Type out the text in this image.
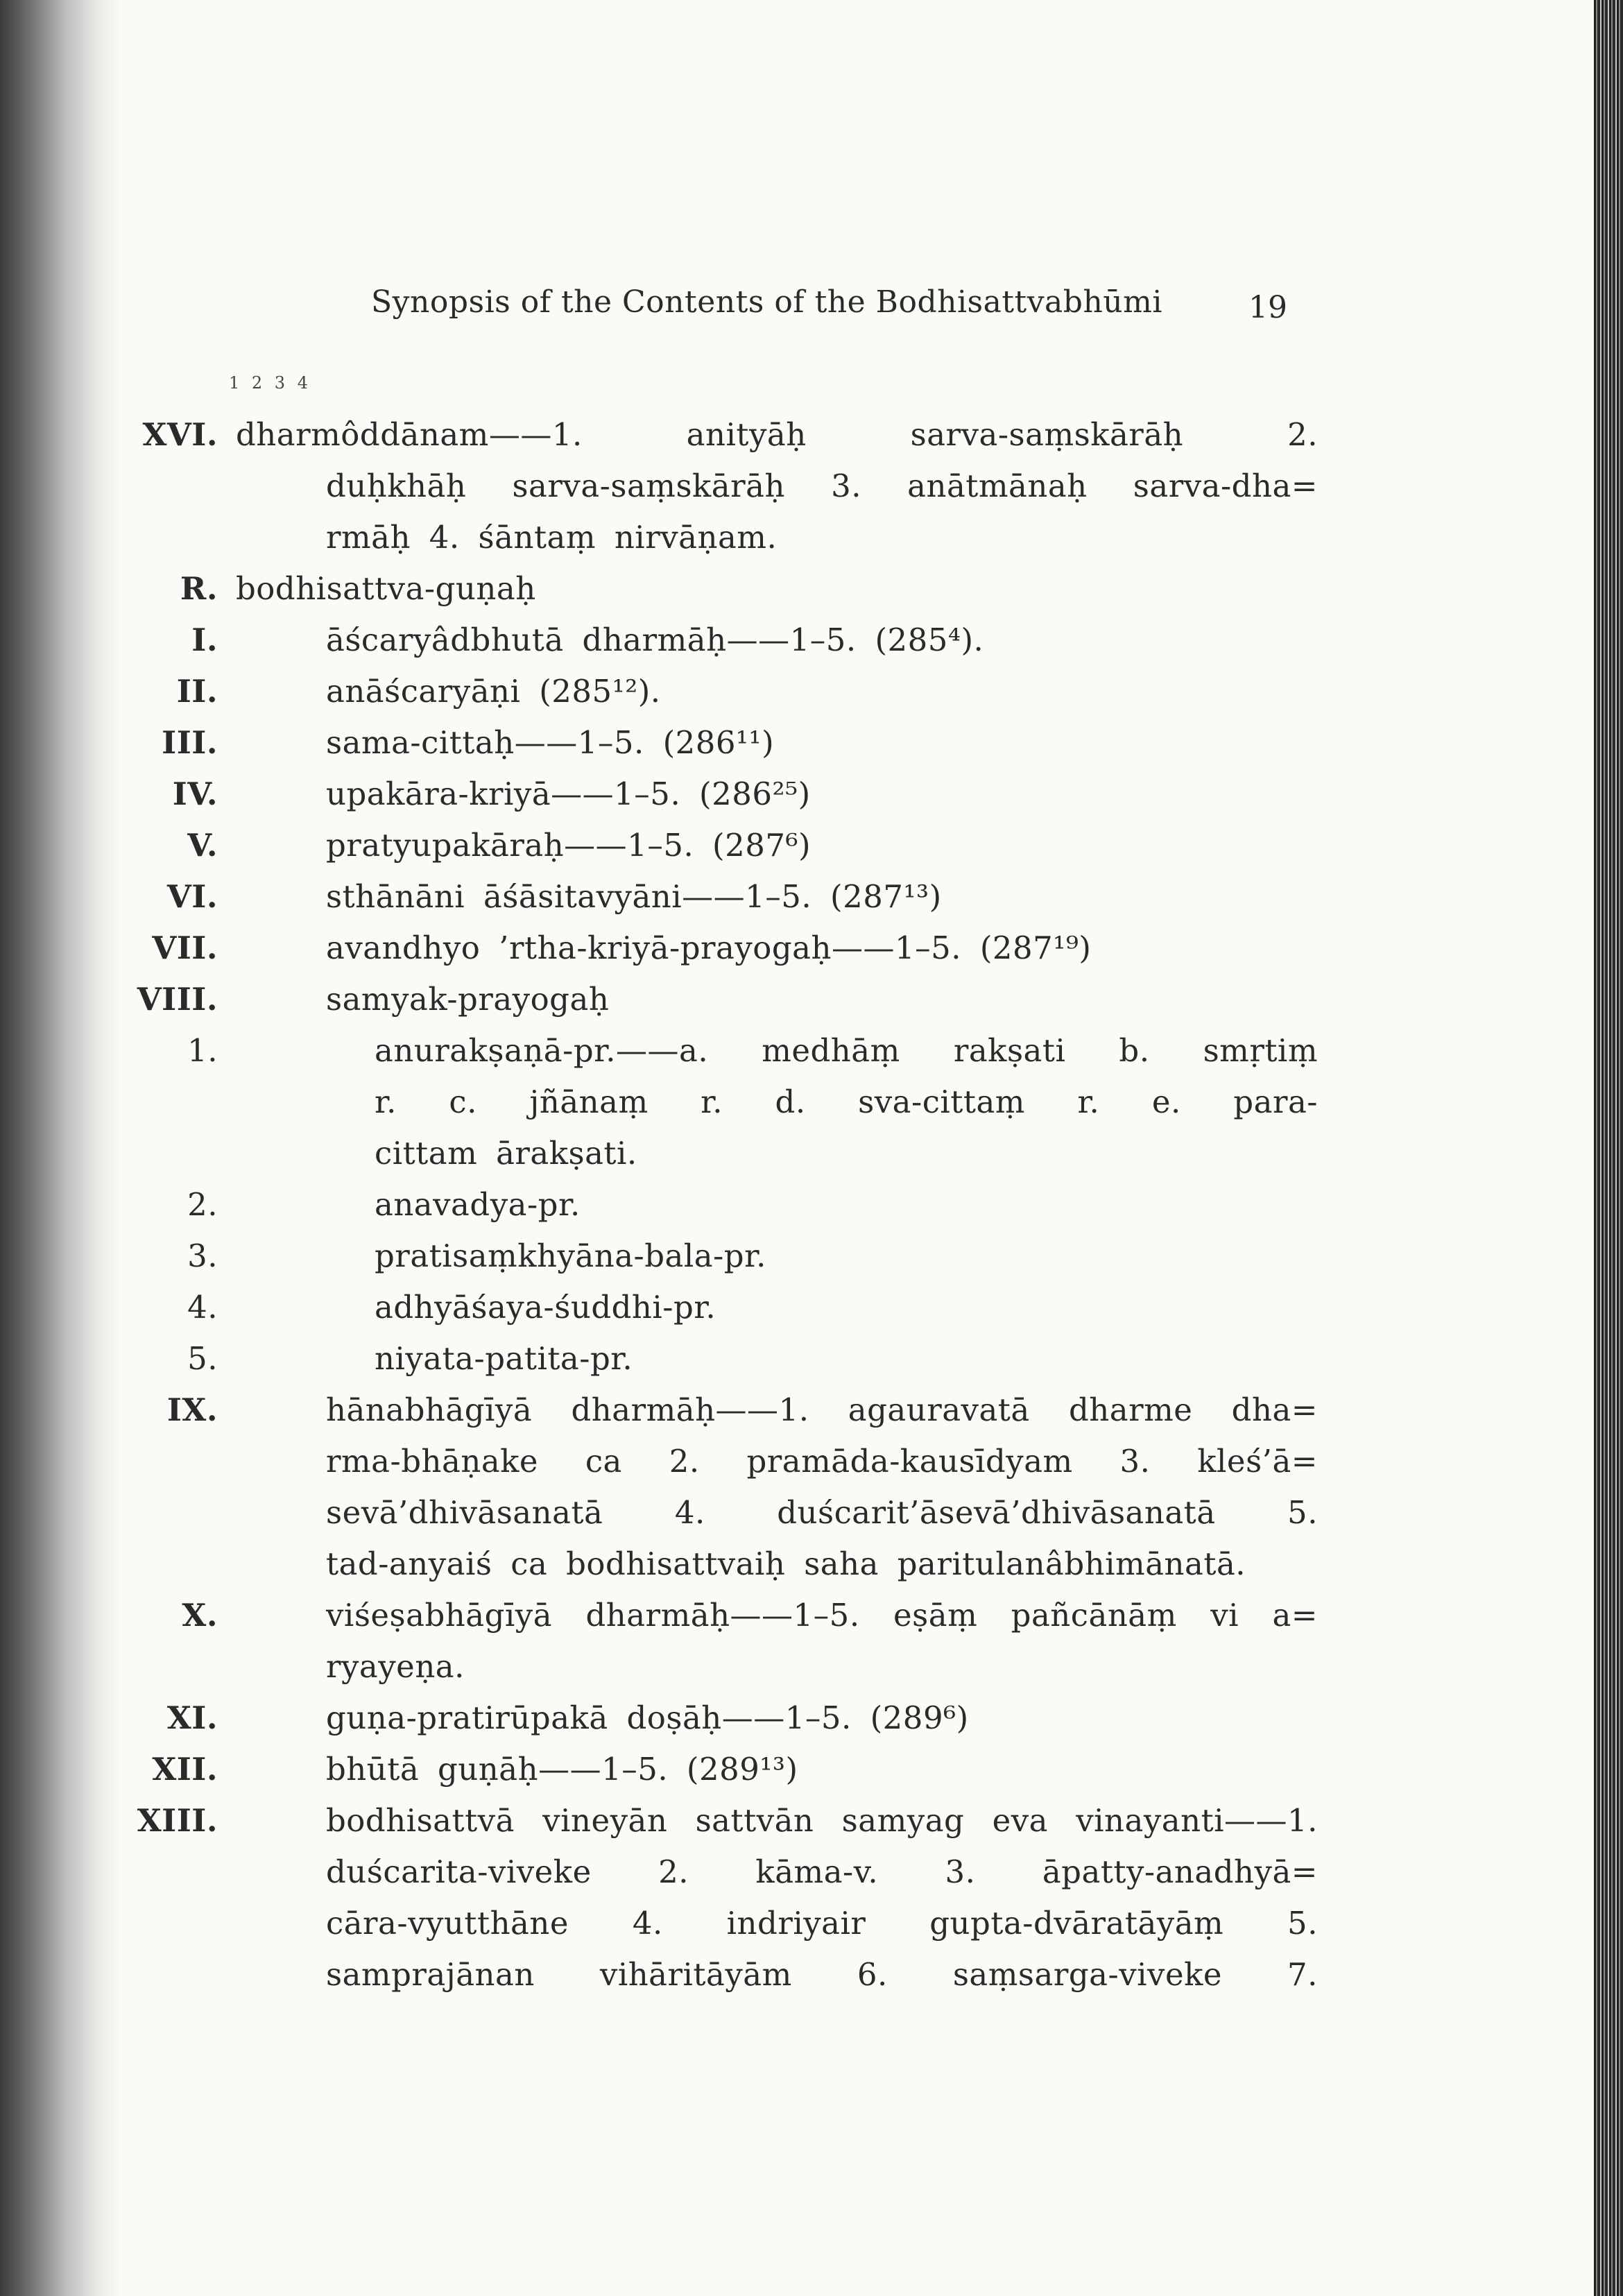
Synopsis of the Contents of the Bodhisattvabhūmi	19
1 2 3 4
XVI. dharmôddānam——1. anityāḥ sarva-saṃskārāḥ 2.
duḥkhāḥ sarva-saṃskārāḥ 3. anātmānaḥ sarva-dha=
rmāḥ 4. śāntaṃ nirvāṇam.
R. bodhisattva-guṇaḥ
I.	āścaryâdbhutā dharmāḥ——1–5. (285⁴).
II.	anāścaryāṇi (285¹²).
III.	sama-cittaḥ——1–5. (286¹¹)
IV.	upakāra-kriyā——1–5. (286²⁵)
V.	pratyupakāraḥ——1–5. (287⁶)
VI.	sthānāni āśāsitavyāni——1–5. (287¹³)
VII.	avandhyo ’rtha-kriyā-prayogaḥ——1–5. (287¹⁹)
VIII.	samyak-prayogaḥ
1.	anurakṣaṇā-pr.——a. medhāṃ rakṣati b. smṛtiṃ
r. c. jñānaṃ r. d. sva-cittaṃ r. e. para-
cittam ārakṣati.
2.	anavadya-pr.
3.	pratisaṃkhyāna-bala-pr.
4.	adhyāśaya-śuddhi-pr.
5.	niyata-patita-pr.
IX.	hānabhāgīyā dharmāḥ——1. agauravatā dharme dha=
rma-bhāṇake ca 2. pramāda-kausīdyam 3. kleś’ā=
sevā’dhivāsanatā 4. duścarit’āsevā’dhivāsanatā 5.
tad-anyaiś ca bodhisattvaiḥ saha paritulanâbhimānatā.
X.	viśeṣabhāgīyā dharmāḥ——1–5. eṣāṃ pañcānāṃ vi a=
ryayeṇa.
XI.	guṇa-pratirūpakā doṣāḥ——1–5. (289⁶)
XII.	bhūtā guṇāḥ——1–5. (289¹³)
XIII.	bodhisattvā vineyān sattvān samyag eva vinayanti——1.
duścarita-viveke 2. kāma-v. 3. āpatty-anadhyā=
cāra-vyutthāne 4. indriyair gupta-dvāratāyāṃ 5.
samprajānan vihāritāyām 6. saṃsarga-viveke 7.
